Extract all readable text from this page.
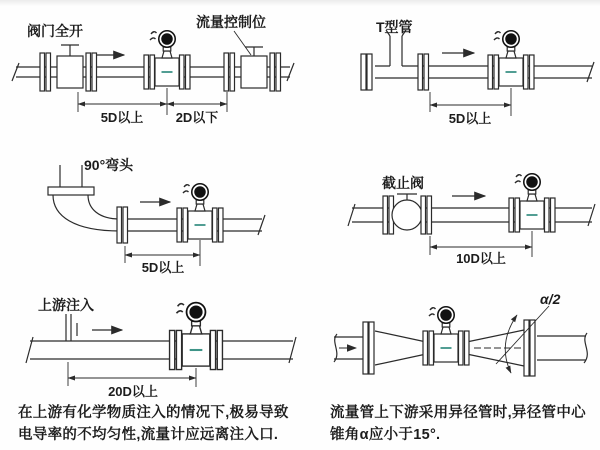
阀门全开
流量控制位
5D以上 2D以下
T型管
5D以上
90°弯头
5D以上
截止阀
10D以上
上游注入
20D以上
在上游有化学物质注入的情况下,极易导致
电导率的不均匀性,流量计应远离注入口.
α/2
流量管上下游采用异径管时,异径管中心
锥角α应小于15°.
